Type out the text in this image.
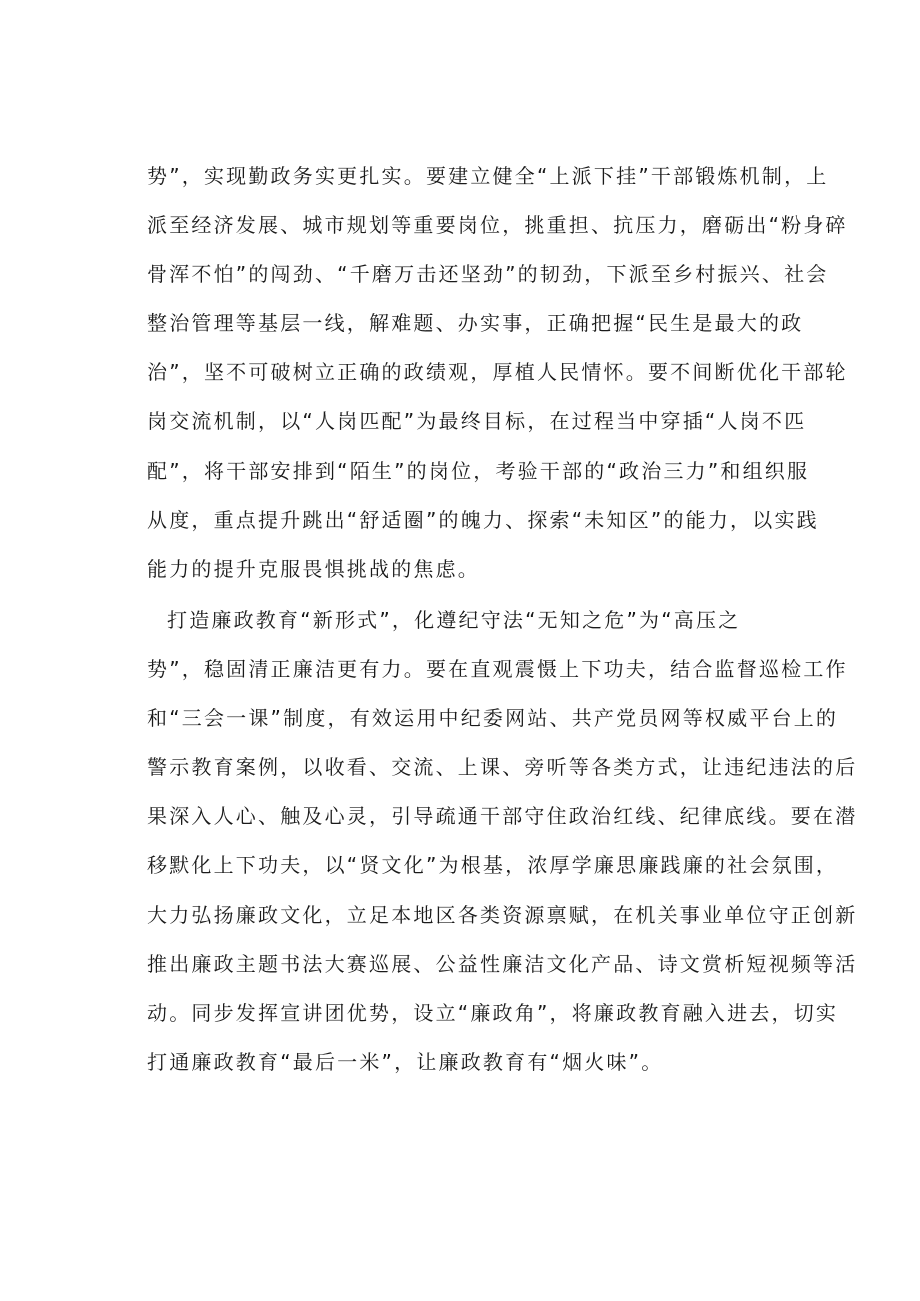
势”，实现勤政务实更扎实。要建立健全“上派下挂”干部锻炼机制，上
派至经济发展、城市规划等重要岗位，挑重担、抗压力，磨砺出“粉身碎
骨浑不怕”的闯劲、“千磨万击还坚劲”的韧劲，下派至乡村振兴、社会
整治管理等基层一线，解难题、办实事，正确把握“民生是最大的政
治”，坚不可破树立正确的政绩观，厚植人民情怀。要不间断优化干部轮
岗交流机制，以“人岗匹配”为最终目标，在过程当中穿插“人岗不匹
配”，将干部安排到“陌生”的岗位，考验干部的“政治三力”和组织服
从度，重点提升跳出“舒适圈”的魄力、探索“未知区”的能力，以实践
能力的提升克服畏惧挑战的焦虑。
打造廉政教育“新形式”，化遵纪守法“无知之危”为“高压之
势”，稳固清正廉洁更有力。要在直观震慑上下功夫，结合监督巡检工作
和“三会一课”制度，有效运用中纪委网站、共产党员网等权威平台上的
警示教育案例，以收看、交流、上课、旁听等各类方式，让违纪违法的后
果深入人心、触及心灵，引导疏通干部守住政治红线、纪律底线。要在潜
移默化上下功夫，以“贤文化”为根基，浓厚学廉思廉践廉的社会氛围，
大力弘扬廉政文化，立足本地区各类资源禀赋，在机关事业单位守正创新
推出廉政主题书法大赛巡展、公益性廉洁文化产品、诗文赏析短视频等活
动。同步发挥宣讲团优势，设立“廉政角”，将廉政教育融入进去，切实
打通廉政教育“最后一米”，让廉政教育有“烟火味”。
